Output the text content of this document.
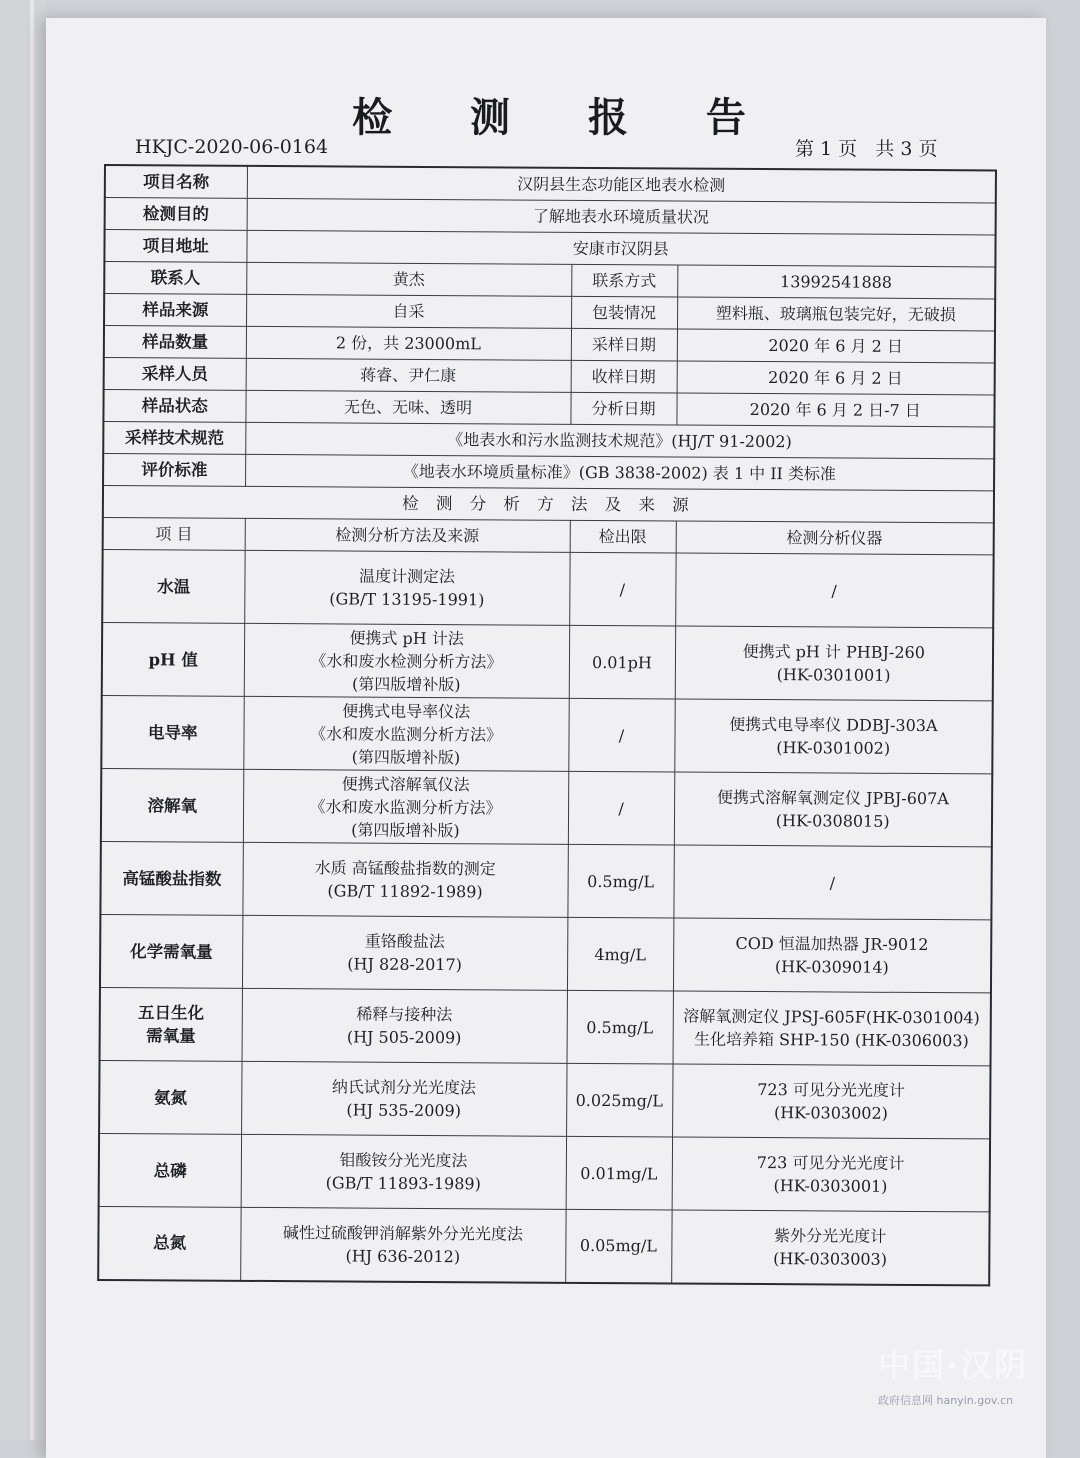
检 测 报 告
HKJC-2020-06-0164	第 1 页 共 3 页
项目名称	汉阴县生态功能区地表水检测		
检测目的	了解地表水环境质量状况		
项目地址	安康市汉阴县		
联系人	黄杰	联系方式	13992541888
样品来源	自采	包装情况	塑料瓶、玻璃瓶包装完好，无破损
样品数量	2 份，共 23000mL	采样日期	2020 年 6 月 2 日
采样人员	蒋睿、尹仁康	收样日期	2020 年 6 月 2 日
样品状态	无色、无味、透明	分析日期	2020 年 6 月 2 日-7 日
采样技术规范	《地表水和污水监测技术规范》(HJ/T 91-2002)		
评价标准	《地表水环境质量标准》(GB 3838-2002) 表 1 中 II 类标准		
检 测 分 析 方 法 及 来 源			
项 目	检测分析方法及来源	检出限	检测分析仪器

水温	温度计测定法
(GB/T 13195-1991)	/	/

pH 值	便携式 pH 计法
《水和废水检测分析方法》
(第四版增补版)	0.01pH	便携式 pH 计 PHBJ-260
(HK-0301001)

电导率	便携式电导率仪法
《水和废水监测分析方法》
(第四版增补版)	/	便携式电导率仪 DDBJ-303A
(HK-0301002)

溶解氧	便携式溶解氧仪法
《水和废水监测分析方法》
(第四版增补版)	/	便携式溶解氧测定仪 JPBJ-607A
(HK-0308015)

高锰酸盐指数	水质 高锰酸盐指数的测定
(GB/T 11892-1989)	0.5mg/L	/

化学需氧量	重铬酸盐法
(HJ 828-2017)	4mg/L	COD 恒温加热器 JR-9012
(HK-0309014)

五日生化
需氧量	稀释与接种法
(HJ 505-2009)	0.5mg/L	溶解氧测定仪 JPSJ-605F(HK-0301004)
生化培养箱 SHP-150 (HK-0306003)

氨氮	纳氏试剂分光光度法
(HJ 535-2009)	0.025mg/L	723 可见分光光度计
(HK-0303002)

总磷	钼酸铵分光光度法
(GB/T 11893-1989)	0.01mg/L	723 可见分光光度计
(HK-0303001)

总氮	碱性过硫酸钾消解紫外分光光度法
(HJ 636-2012)	0.05mg/L	紫外分光光度计
(HK-0303003)
中国·汉阴
政府信息网 hanyin.gov.cn
